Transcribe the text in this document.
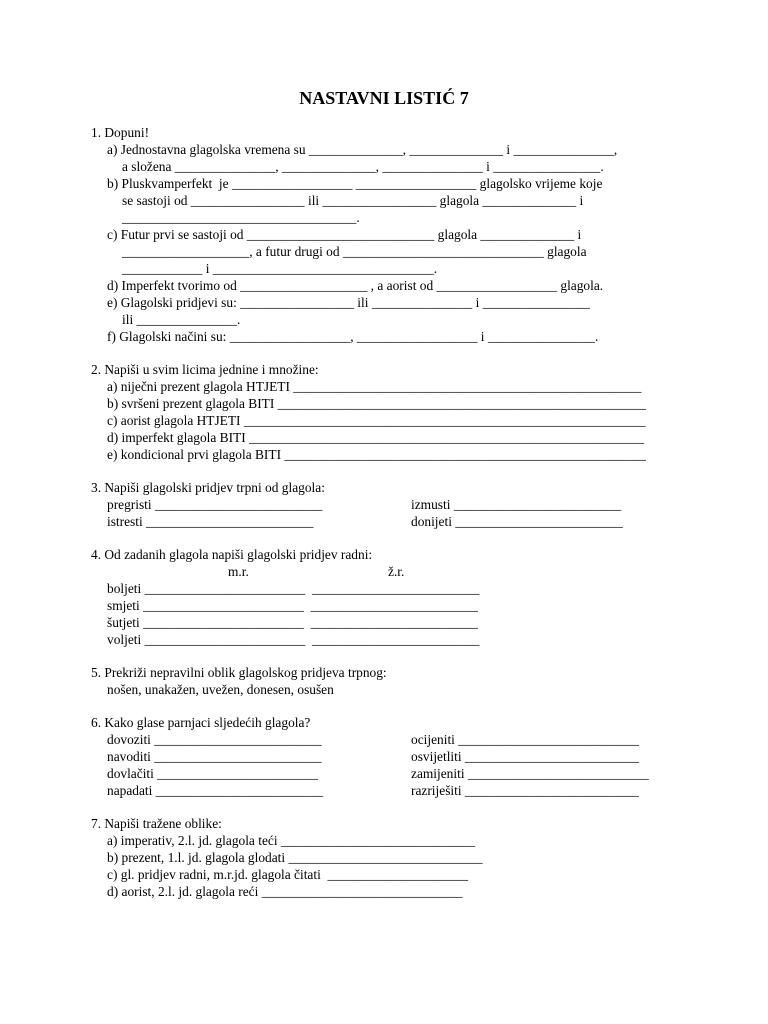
NASTAVNI LISTIĆ 7
1. Dopuni!
a) Jednostavna glagolska vremena su ______________, ______________ i _______________,
a složena _______________, ______________, _______________ i ________________.
b) Pluskvamperfekt  je __________________ __________________ glagolsko vrijeme koje
se sastoji od _________________ ili _________________ glagola ______________ i
___________________________________.
c) Futur prvi se sastoji od ____________________________ glagola ______________ i
___________________, a futur drugi od ______________________________ glagola
____________ i _________________________________.
d) Imperfekt tvorimo od ___________________ , a aorist od __________________ glagola.
e) Glagolski pridjevi su: _________________ ili _______________ i ________________
ili _______________.
f) Glagolski načini su: __________________, __________________ i ________________.
2. Napiši u svim licima jednine i množine:
a) niječni prezent glagola HTJETI ____________________________________________________
b) svršeni prezent glagola BITI _______________________________________________________
c) aorist glagola HTJETI ____________________________________________________________
d) imperfekt glagola BITI ___________________________________________________________
e) kondicional prvi glagola BITI ______________________________________________________
3. Napiši glagolski pridjev trpni od glagola:
pregristi _________________________	izmusti _________________________
istresti _________________________	donijeti _________________________
4. Od zadanih glagola napiši glagolski pridjev radni:
m.r.	ž.r.
boljeti ________________________  _________________________
smjeti ________________________  _________________________
šutjeti ________________________  _________________________
voljeti ________________________  _________________________
5. Prekriži nepravilni oblik glagolskog pridjeva trpnog:
nošen, unakažen, uvežen, donesen, osušen
6. Kako glase parnjaci sljedećih glagola?
dovoziti _________________________	ocijeniti ___________________________
navoditi _________________________	osvijetliti __________________________
dovlačiti ________________________	zamijeniti ___________________________
napadati _________________________	razriješiti __________________________
7. Napiši tražene oblike:
a) imperativ, 2.l. jd. glagola teći _____________________________
b) prezent, 1.l. jd. glagola glodati _____________________________
c) gl. pridjev radni, m.r.jd. glagola čitati  _____________________
d) aorist, 2.l. jd. glagola reći ______________________________
